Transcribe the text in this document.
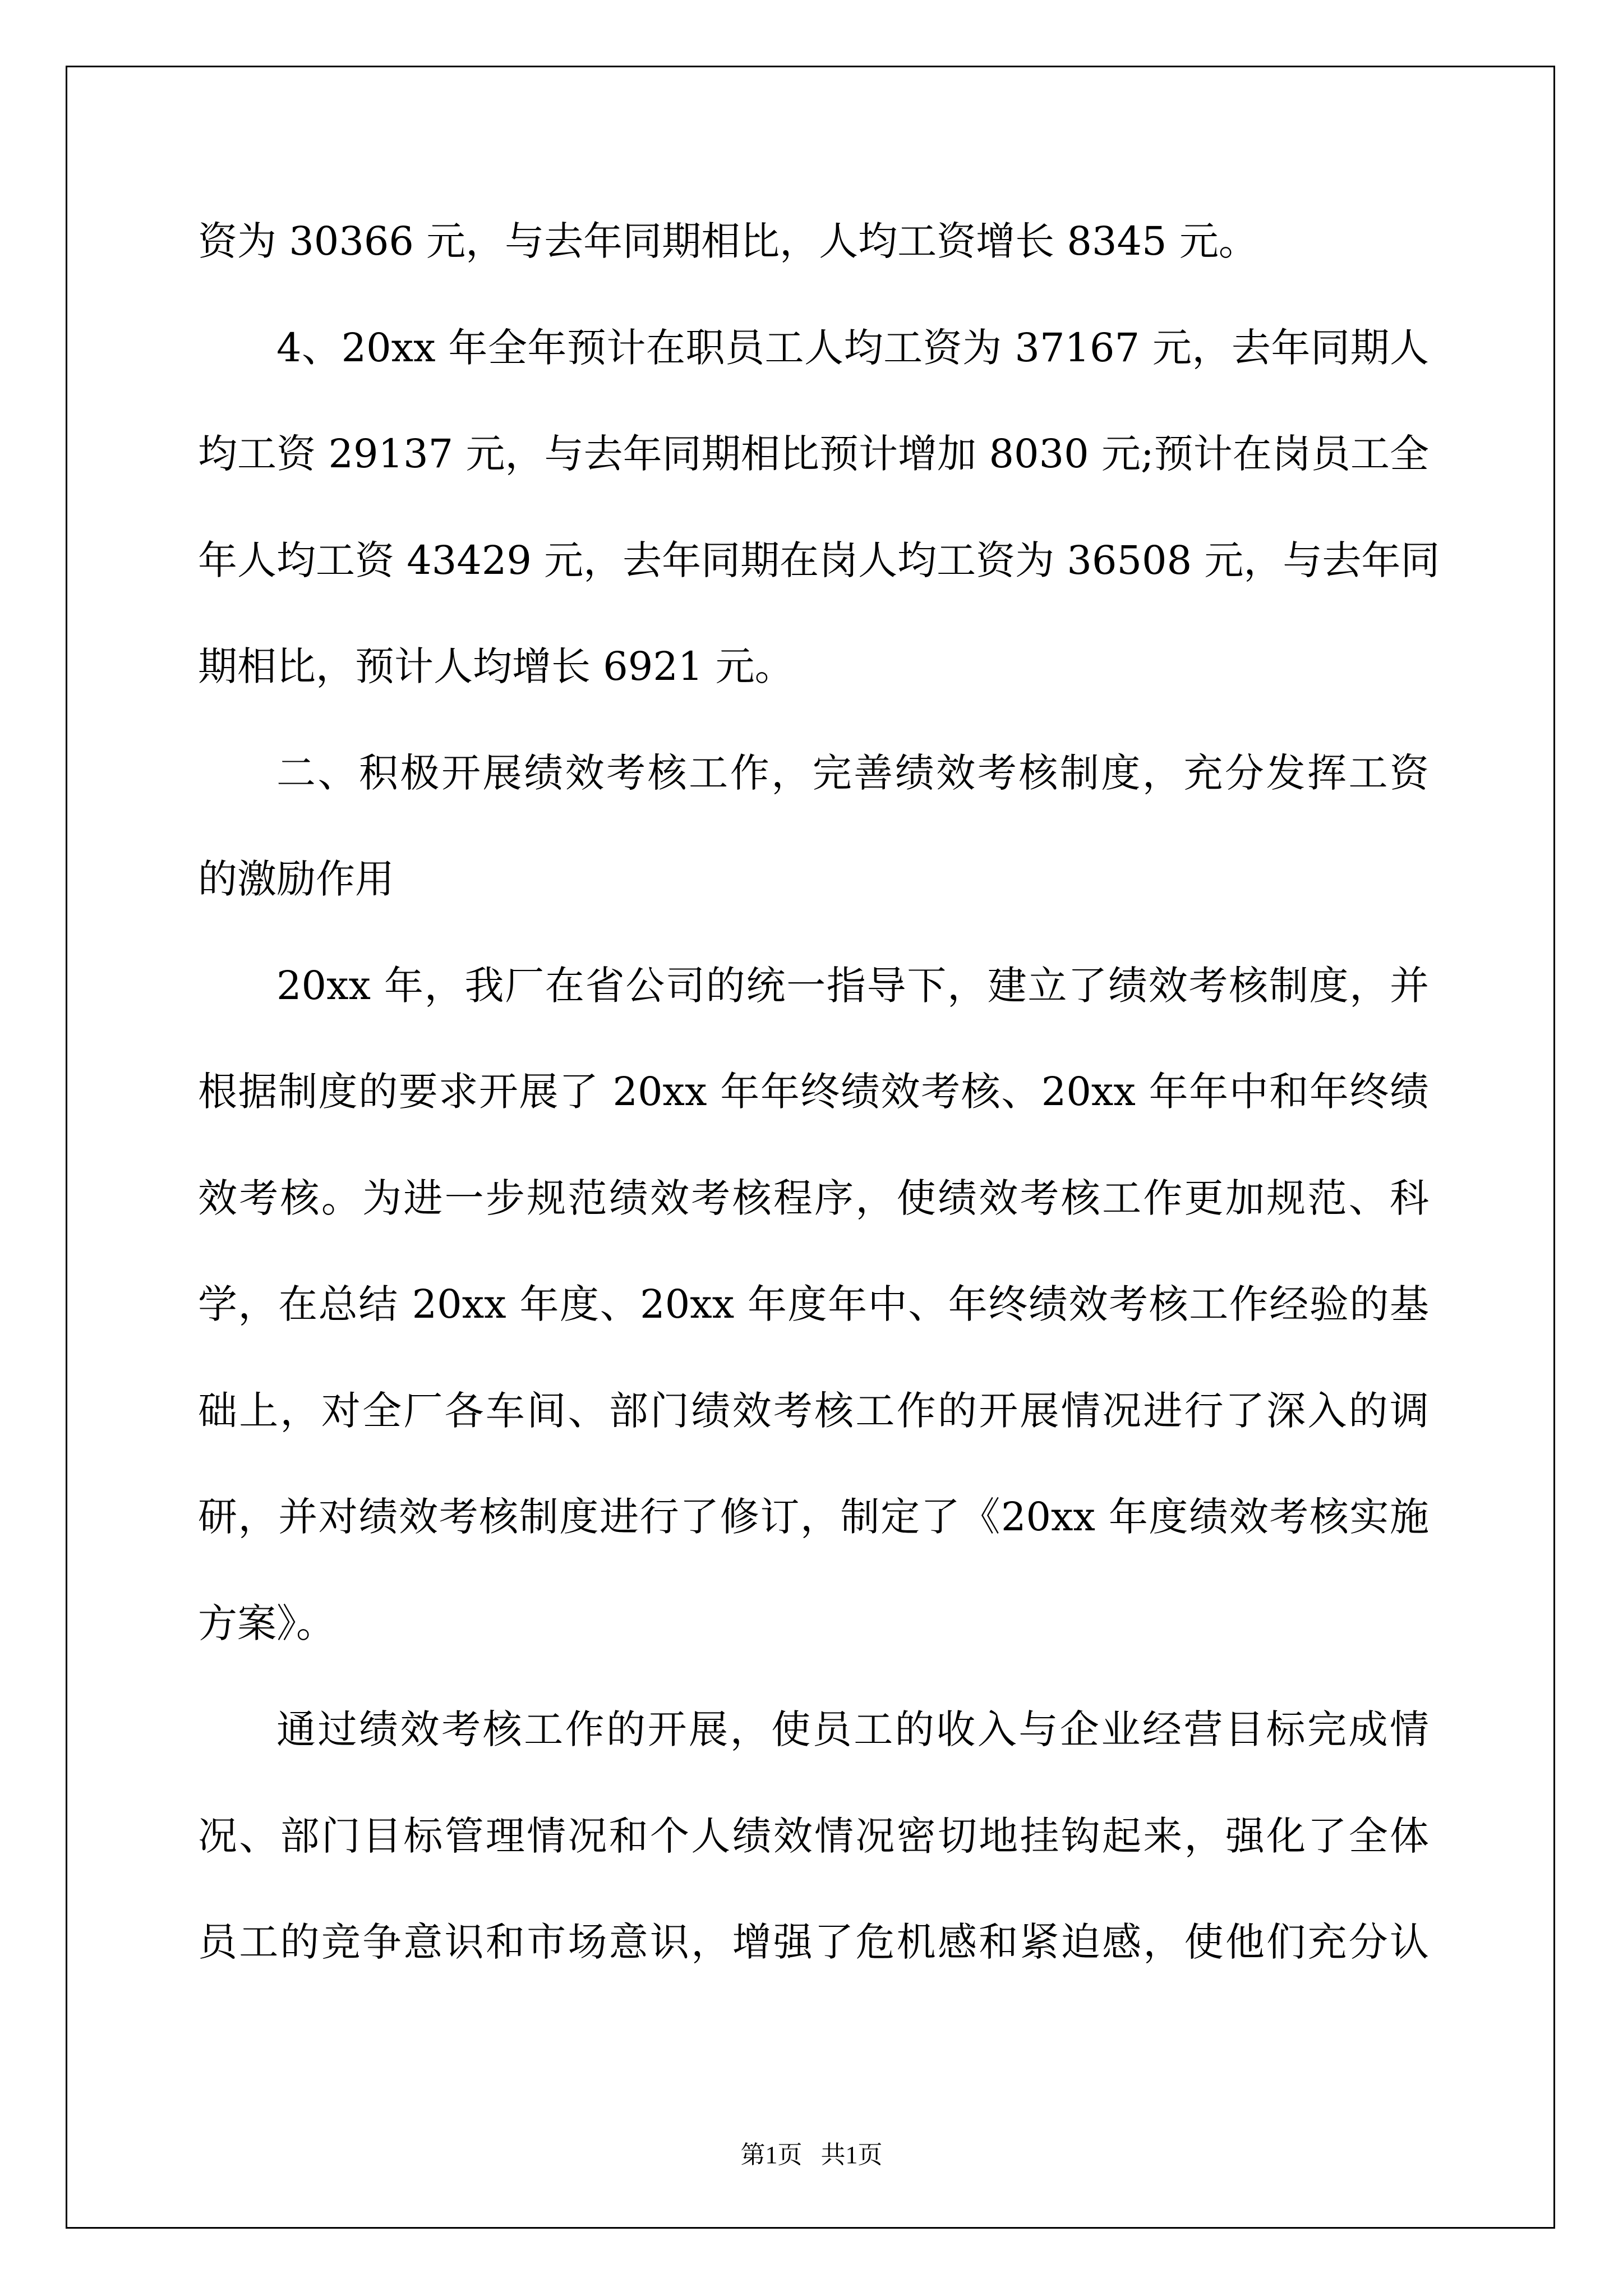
资为 30366 元，与去年同期相比，人均工资增长 8345 元。
4、20xx 年全年预计在职员工人均工资为 37167 元，去年同期人
均工资 29137 元，与去年同期相比预计增加 8030 元;预计在岗员工全
年人均工资 43429 元，去年同期在岗人均工资为 36508 元，与去年同
期相比，预计人均增长 6921 元。
二、积极开展绩效考核工作，完善绩效考核制度，充分发挥工资
的激励作用
20xx 年，我厂在省公司的统一指导下，建立了绩效考核制度，并
根据制度的要求开展了 20xx 年年终绩效考核、20xx 年年中和年终绩
效考核。为进一步规范绩效考核程序，使绩效考核工作更加规范、科
学，在总结 20xx 年度、20xx 年度年中、年终绩效考核工作经验的基
础上，对全厂各车间、部门绩效考核工作的开展情况进行了深入的调
研，并对绩效考核制度进行了修订，制定了《20xx 年度绩效考核实施
方案》。
通过绩效考核工作的开展，使员工的收入与企业经营目标完成情
况、部门目标管理情况和个人绩效情况密切地挂钩起来，强化了全体
员工的竞争意识和市场意识，增强了危机感和紧迫感，使他们充分认
第1页   共1页
